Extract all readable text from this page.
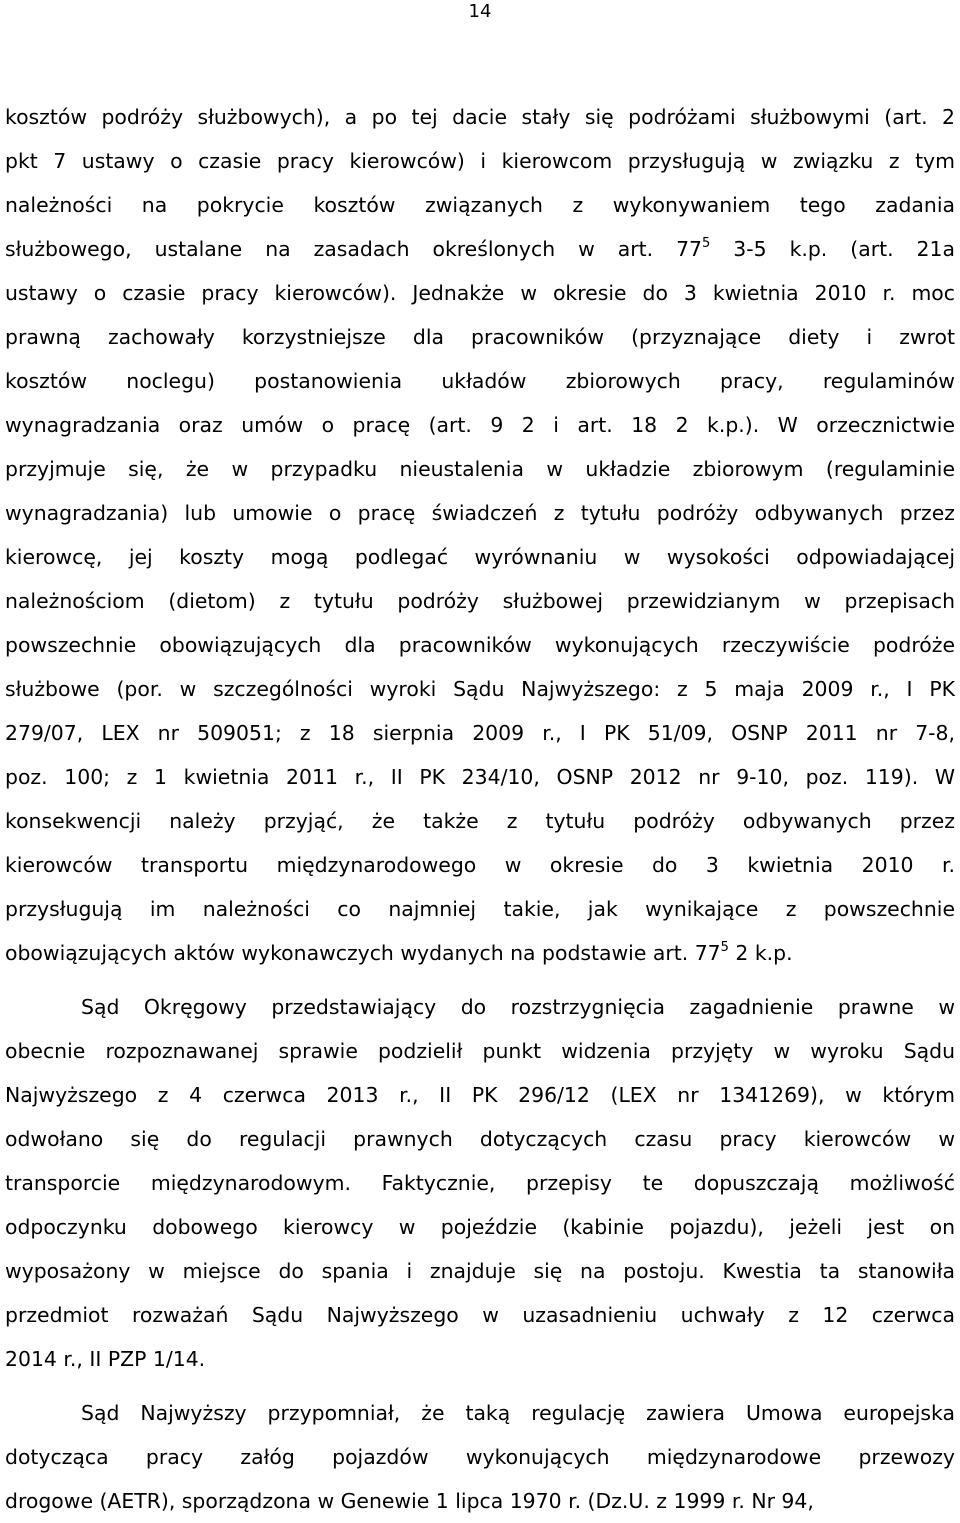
14
kosztów podróży służbowych), a po tej dacie stały się podróżami służbowymi (art. 2
pkt 7 ustawy o czasie pracy kierowców) i kierowcom przysługują w związku z tym
należności na pokrycie kosztów związanych z wykonywaniem tego zadania
służbowego, ustalane na zasadach określonych w art. $77^5$ 3-5 k.p. (art. 21a
ustawy o czasie pracy kierowców). Jednakże w okresie do 3 kwietnia 2010 r. moc
prawną zachowały korzystniejsze dla pracowników (przyznające diety i zwrot
kosztów noclegu) postanowienia układów zbiorowych pracy, regulaminów
wynagradzania oraz umów o pracę (art. 9 2 i art. 18 2 k.p.). W orzecznictwie
przyjmuje się, że w przypadku nieustalenia w układzie zbiorowym (regulaminie
wynagradzania) lub umowie o pracę świadczeń z tytułu podróży odbywanych przez
kierowcę, jej koszty mogą podlegać wyrównaniu w wysokości odpowiadającej
należnościom (dietom) z tytułu podróży służbowej przewidzianym w przepisach
powszechnie obowiązujących dla pracowników wykonujących rzeczywiście podróże
służbowe (por. w szczególności wyroki Sądu Najwyższego: z 5 maja 2009 r., I PK
279/07, LEX nr 509051; z 18 sierpnia 2009 r., I PK 51/09, OSNP 2011 nr 7-8,
poz. 100; z 1 kwietnia 2011 r., II PK 234/10, OSNP 2012 nr 9-10, poz. 119). W
konsekwencji należy przyjąć, że także z tytułu podróży odbywanych przez
kierowców transportu międzynarodowego w okresie do 3 kwietnia 2010 r.
przysługują im należności co najmniej takie, jak wynikające z powszechnie
obowiązujących aktów wykonawczych wydanych na podstawie art. $77^5$ 2 k.p.
Sąd Okręgowy przedstawiający do rozstrzygnięcia zagadnienie prawne w
obecnie rozpoznawanej sprawie podzielił punkt widzenia przyjęty w wyroku Sądu
Najwyższego z 4 czerwca 2013 r., II PK 296/12 (LEX nr 1341269), w którym
odwołano się do regulacji prawnych dotyczących czasu pracy kierowców w
transporcie międzynarodowym. Faktycznie, przepisy te dopuszczają możliwość
odpoczynku dobowego kierowcy w pojeździe (kabinie pojazdu), jeżeli jest on
wyposażony w miejsce do spania i znajduje się na postoju. Kwestia ta stanowiła
przedmiot rozważań Sądu Najwyższego w uzasadnieniu uchwały z 12 czerwca
2014 r., II PZP 1/14.
Sąd Najwyższy przypomniał, że taką regulację zawiera Umowa europejska
dotycząca pracy załóg pojazdów wykonujących międzynarodowe przewozy
drogowe (AETR), sporządzona w Genewie 1 lipca 1970 r. (Dz.U. z 1999 r. Nr 94,
